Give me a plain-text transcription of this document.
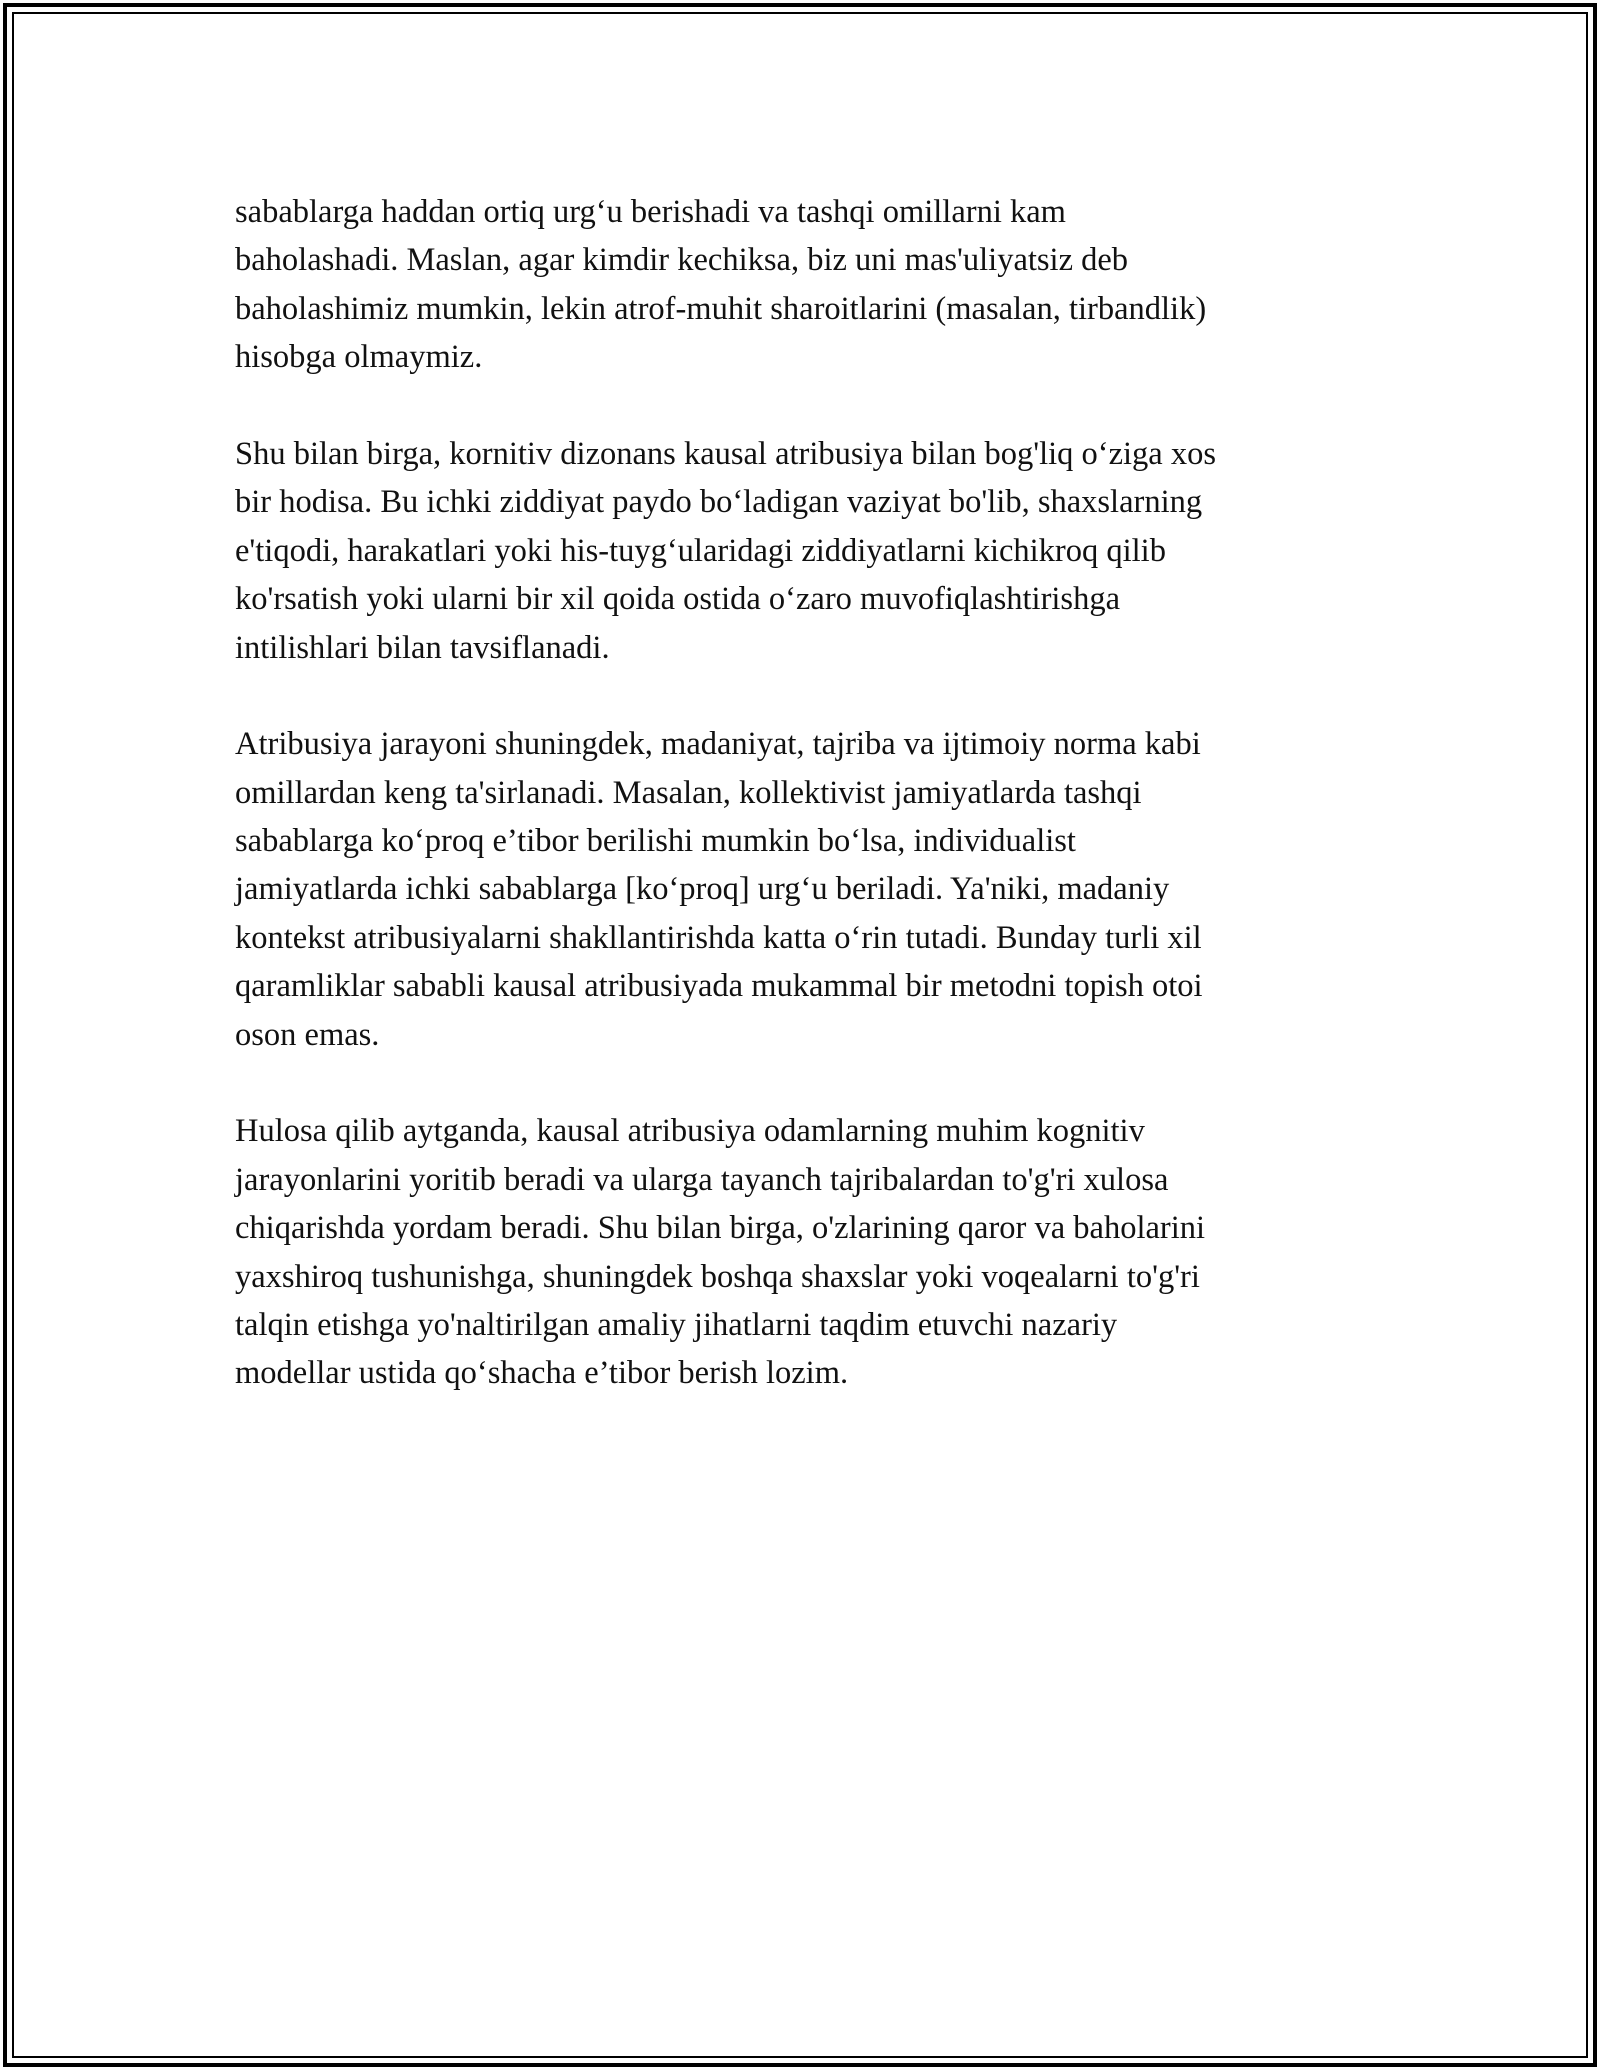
sabablarga haddan ortiq urg‘u berishadi va tashqi omillarni kam
baholashadi. Maslan, agar kimdir kechiksa, biz uni mas'uliyatsiz deb
baholashimiz mumkin, lekin atrof-muhit sharoitlarini (masalan, tirbandlik)
hisobga olmaymiz.
Shu bilan birga, kornitiv dizonans kausal atribusiya bilan bog'liq o‘ziga xos
bir hodisa. Bu ichki ziddiyat paydo bo‘ladigan vaziyat bo'lib, shaxslarning
e'tiqodi, harakatlari yoki his-tuyg‘ularidagi ziddiyatlarni kichikroq qilib
ko'rsatish yoki ularni bir xil qoida ostida o‘zaro muvofiqlashtirishga
intilishlari bilan tavsiflanadi.
Atribusiya jarayoni shuningdek, madaniyat, tajriba va ijtimoiy norma kabi
omillardan keng ta'sirlanadi. Masalan, kollektivist jamiyatlarda tashqi
sabablarga ko‘proq e’tibor berilishi mumkin bo‘lsa, individualist
jamiyatlarda ichki sabablarga [ko‘proq] urg‘u beriladi. Ya'niki, madaniy
kontekst atribusiyalarni shakllantirishda katta o‘rin tutadi. Bunday turli xil
qaramliklar sababli kausal atribusiyada mukammal bir metodni topish otoi
oson emas.
Hulosa qilib aytganda, kausal atribusiya odamlarning muhim kognitiv
jarayonlarini yoritib beradi va ularga tayanch tajribalardan to'g'ri xulosa
chiqarishda yordam beradi. Shu bilan birga, o'zlarining qaror va baholarini
yaxshiroq tushunishga, shuningdek boshqa shaxslar yoki voqealarni to'g'ri
talqin etishga yo'naltirilgan amaliy jihatlarni taqdim etuvchi nazariy
modellar ustida qo‘shacha e’tibor berish lozim.
